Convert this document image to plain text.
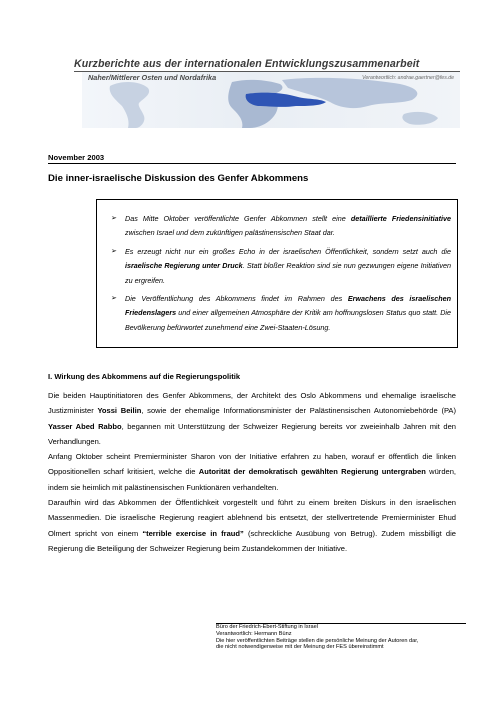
Kurzberichte aus der internationalen Entwicklungszusammenarbeit
Naher/Mittlerer Osten und Nordafrika	Verantwortlich: andrae.gaertner@fes.de
November 2003
Die inner-israelische Diskussion des Genfer Abkommens
➢ Das Mitte Oktober veröffentlichte Genfer Abkommen stellt eine detaillierte Friedensinitiative zwischen Israel und dem zukünftigen palästinensischen Staat dar.
➢ Es erzeugt nicht nur ein großes Echo in der israelischen Öffentlichkeit, sondern setzt auch die israelische Regierung unter Druck. Statt bloßer Reaktion sind sie nun gezwungen eigene Initiativen zu ergreifen.
➢ Die Veröffentlichung des Abkommens findet im Rahmen des Erwachens des israelischen Friedenslagers und einer allgemeinen Atmosphäre der Kritik am hoffnungslosen Status quo statt. Die Bevölkerung befürwortet zunehmend eine Zwei-Staaten-Lösung.
I. Wirkung des Abkommens auf die Regierungspolitik

Die beiden Hauptinitiatoren des Genfer Abkommens, der Architekt des Oslo Abkommens und ehemalige israelische Justizminister Yossi Beilin, sowie der ehemalige Informationsminister der Palästinensischen Autonomiebehörde (PA) Yasser Abed Rabbo, begannen mit Unterstützung der Schweizer Regierung bereits vor zweieinhalb Jahren mit den Verhandlungen.

Anfang Oktober scheint Premierminister Sharon von der Initiative erfahren zu haben, worauf er öffentlich die linken Oppositionellen scharf kritisiert, welche die Autorität der demokratisch gewählten Regierung untergraben würden, indem sie heimlich mit palästinensischen Funktionären verhandelten.

Daraufhin wird das Abkommen der Öffentlichkeit vorgestellt und führt zu einem breiten Diskurs in den israelischen Massenmedien. Die israelische Regierung reagiert ablehnend bis entsetzt, der stellvertretende Premierminister Ehud Olmert spricht von einem “terrible exercise in fraud” (schreckliche Ausübung von Betrug). Zudem missbilligt die Regierung die Beteiligung der Schweizer Regierung beim Zustandekommen der Initiative.

Büro der Friedrich-Ebert-Stiftung in Israel
Verantwortlich: Hermann Bünz
Die hier veröffentlichten Beiträge stellen die persönliche Meinung der Autoren dar,
die nicht notwendigerweise mit der Meinung der FES übereinstimmt
